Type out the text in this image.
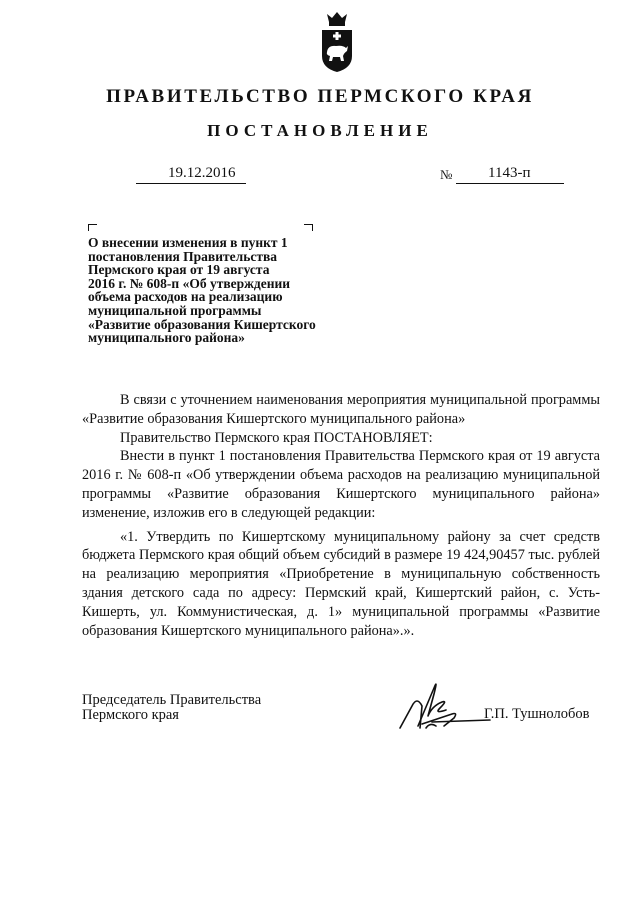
ПРАВИТЕЛЬСТВО ПЕРМСКОГО КРАЯ
ПОСТАНОВЛЕНИЕ
19.12.2016	№ 1143-п
О внесении изменения в пункт 1
постановления Правительства
Пермского края от 19 августа
2016 г. № 608-п «Об утверждении
объема расходов на реализацию
муниципальной программы
«Развитие образования Кишертского
муниципального района»

В связи с уточнением наименования мероприятия муниципальной программы «Развитие образования Кишертского муниципального района»

Правительство Пермского края ПОСТАНОВЛЯЕТ:

Внести в пункт 1 постановления Правительства Пермского края от 19 августа 2016 г. № 608-п «Об утверждении объема расходов на реализацию муниципальной программы «Развитие образования Кишертского муниципального района» изменение, изложив его в следующей редакции:

«1. Утвердить по Кишертскому муниципальному району за счет средств бюджета Пермского края общий объем субсидий в размере 19 424,90457 тыс. рублей на реализацию мероприятия «Приобретение в муниципальную собственность здания детского сада по адресу: Пермский край, Кишертский район, с. Усть-Кишерть, ул. Коммунистическая, д. 1» муниципальной программы «Развитие образования Кишертского муниципального района».».

Председатель Правительства
Пермского края	Г.П. Тушнолобов
